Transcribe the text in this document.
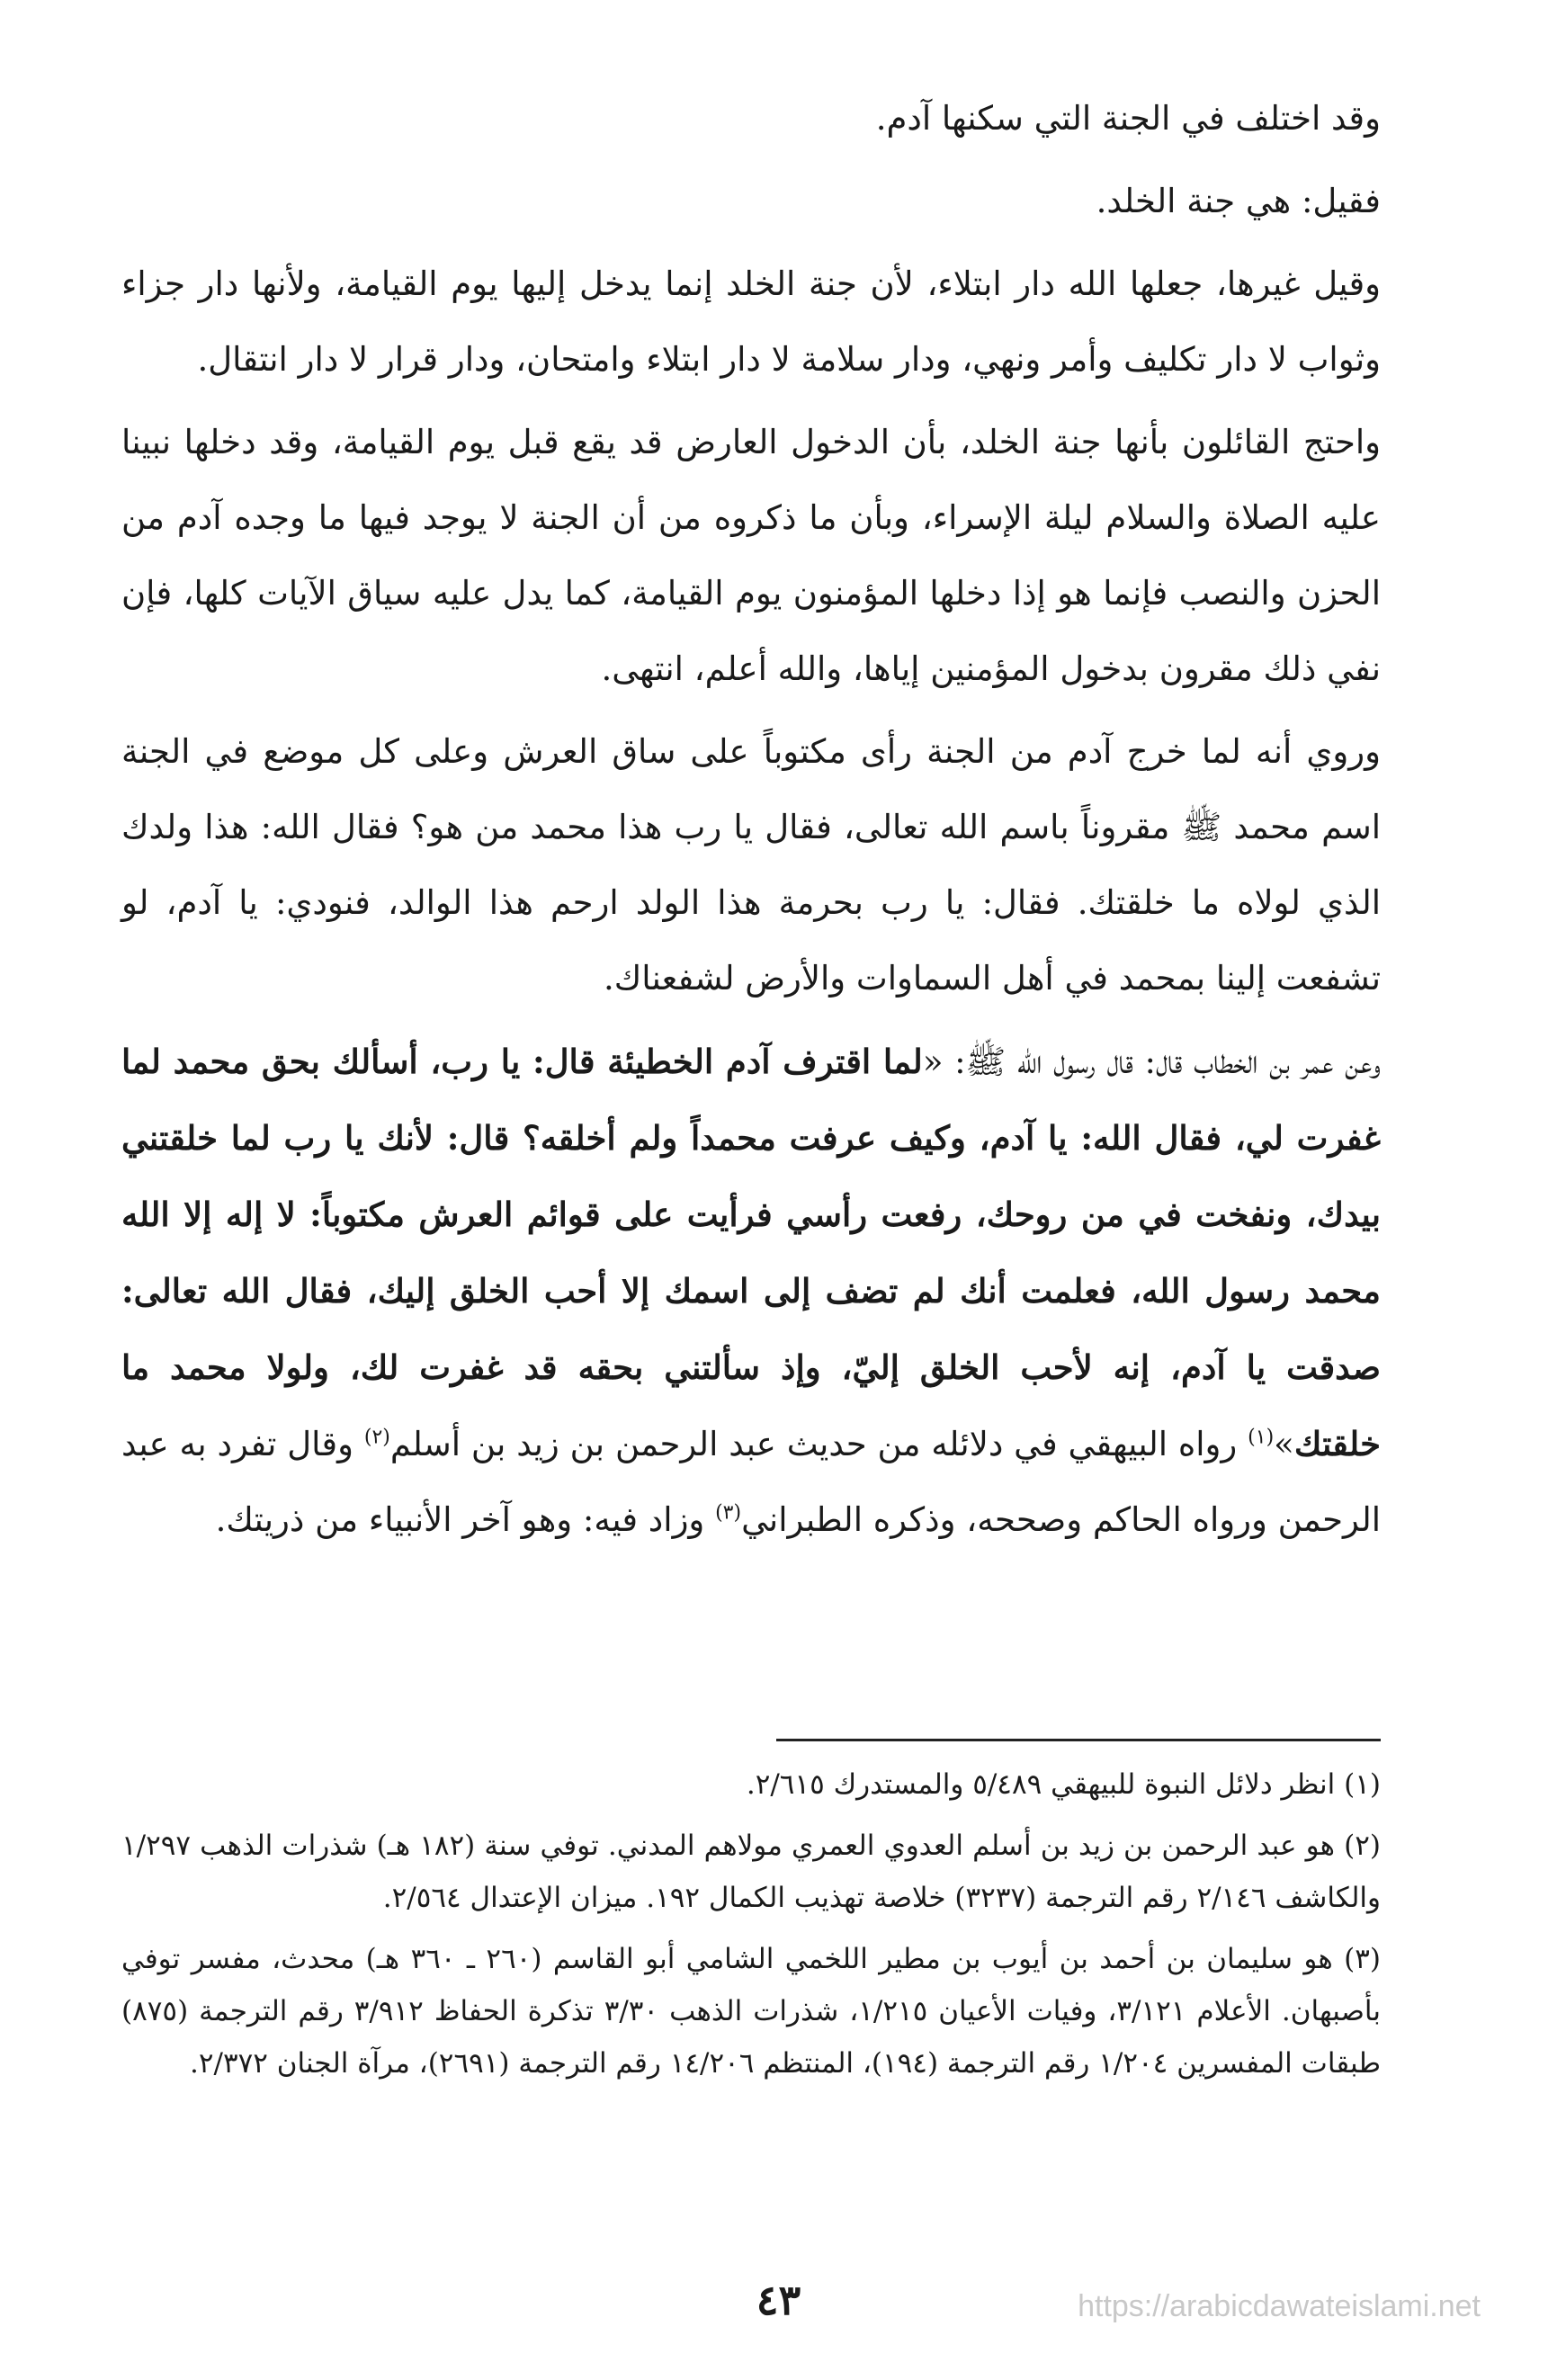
وقد اختلف في الجنة التي سكنها آدم.

فقيل: هي جنة الخلد.

وقيل غيرها، جعلها الله دار ابتلاء، لأن جنة الخلد إنما يدخل إليها يوم القيامة، ولأنها دار جزاء وثواب لا دار تكليف وأمر ونهي، ودار سلامة لا دار ابتلاء وامتحان، ودار قرار لا دار انتقال.

واحتج القائلون بأنها جنة الخلد، بأن الدخول العارض قد يقع قبل يوم القيامة، وقد دخلها نبينا عليه الصلاة والسلام ليلة الإسراء، وبأن ما ذكروه من أن الجنة لا يوجد فيها ما وجده آدم من الحزن والنصب فإنما هو إذا دخلها المؤمنون يوم القيامة، كما يدل عليه سياق الآيات كلها، فإن نفي ذلك مقرون بدخول المؤمنين إياها، والله أعلم، انتهى.

وروي أنه لما خرج آدم من الجنة رأى مكتوباً على ساق العرش وعلى كل موضع في الجنة اسم محمد ﷺ مقروناً باسم الله تعالى، فقال يا رب هذا محمد من هو؟ فقال الله: هذا ولدك الذي لولاه ما خلقتك. فقال: يا رب بحرمة هذا الولد ارحم هذا الوالد، فنودي: يا آدم، لو تشفعت إلينا بمحمد في أهل السماوات والأرض لشفعناك.

وعن عمر بن الخطاب قال: قال رسول الله ﷺ: «لما اقترف آدم الخطيئة قال: يا رب، أسألك بحق محمد لما غفرت لي، فقال الله: يا آدم، وكيف عرفت محمداً ولم أخلقه؟ قال: لأنك يا رب لما خلقتني بيدك، ونفخت في من روحك، رفعت رأسي فرأيت على قوائم العرش مكتوباً: لا إله إلا الله محمد رسول الله، فعلمت أنك لم تضف إلى اسمك إلا أحب الخلق إليك، فقال الله تعالى: صدقت يا آدم، إنه لأحب الخلق إليّ، وإذ سألتني بحقه قد غفرت لك، ولولا محمد ما خلقتك»$^{(١)}$ رواه البيهقي في دلائله من حديث عبد الرحمن بن زيد بن أسلم$^{(٢)}$ وقال تفرد به عبد الرحمن ورواه الحاكم وصححه، وذكره الطبراني$^{(٣)}$ وزاد فيه: وهو آخر الأنبياء من ذريتك.

(١) انظر دلائل النبوة للبيهقي ٥/٤٨٩ والمستدرك ٢/٦١٥.

(٢) هو عبد الرحمن بن زيد بن أسلم العدوي العمري مولاهم المدني. توفي سنة (١٨٢ هـ) شذرات الذهب ١/٢٩٧ والكاشف ٢/١٤٦ رقم الترجمة (٣٢٣٧) خلاصة تهذيب الكمال ١٩٢. ميزان الإعتدال ٢/٥٦٤.

(٣) هو سليمان بن أحمد بن أيوب بن مطير اللخمي الشامي أبو القاسم (٢٦٠ ـ ٣٦٠ هـ) محدث، مفسر توفي بأصبهان. الأعلام ٣/١٢١، وفيات الأعيان ١/٢١٥، شذرات الذهب ٣/٣٠ تذكرة الحفاظ ٣/٩١٢ رقم الترجمة (٨٧٥) طبقات المفسرين ١/٢٠٤ رقم الترجمة (١٩٤)، المنتظم ١٤/٢٠٦ رقم الترجمة (٢٦٩١)، مرآة الجنان ٢/٣٧٢.

٤٣	https://arabicdawateislami.net
